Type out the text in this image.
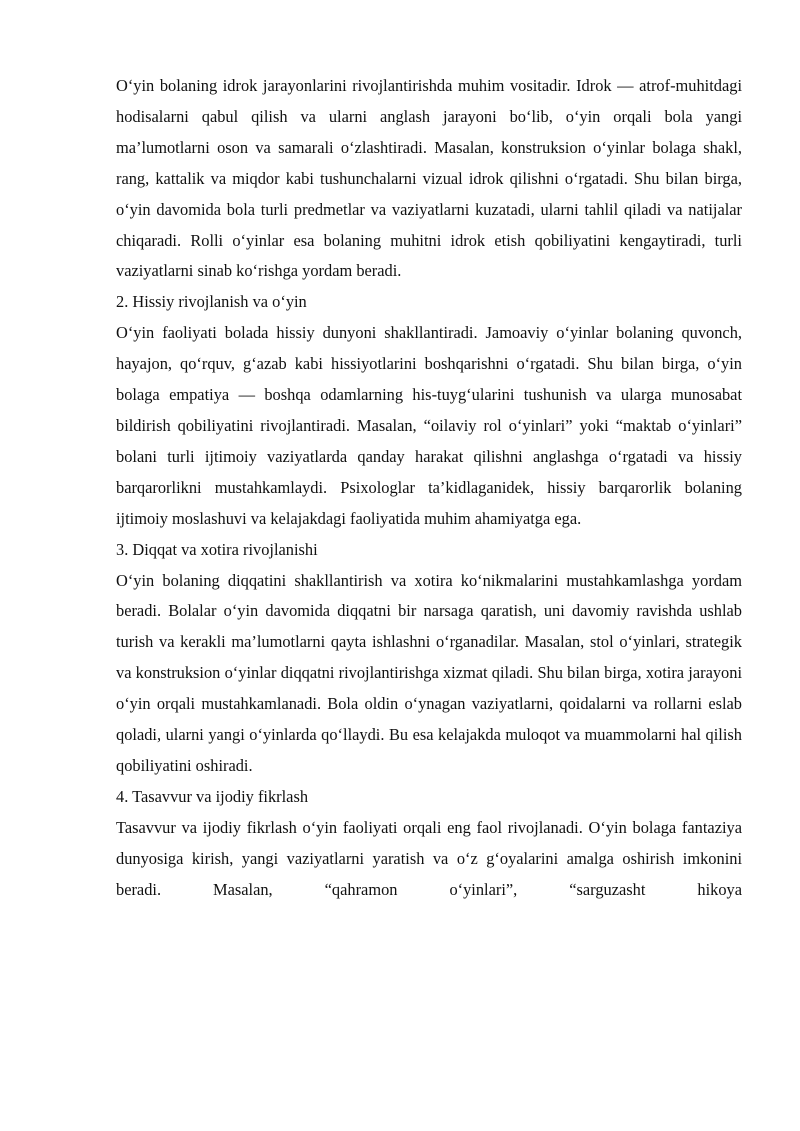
O‘yin bolaning idrok jarayonlarini rivojlantirishda muhim vositadir. Idrok — atrof-muhitdagi hodisalarni qabul qilish va ularni anglash jarayoni bo‘lib, o‘yin orqali bola yangi ma’lumotlarni oson va samarali o‘zlashtiradi. Masalan, konstruksion o‘yinlar bolaga shakl, rang, kattalik va miqdor kabi tushunchalarni vizual idrok qilishni o‘rgatadi. Shu bilan birga, o‘yin davomida bola turli predmetlar va vaziyatlarni kuzatadi, ularni tahlil qiladi va natijalar chiqaradi. Rolli o‘yinlar esa bolaning muhitni idrok etish qobiliyatini kengaytiradi, turli vaziyatlarni sinab ko‘rishga yordam beradi.

2. Hissiy rivojlanish va o‘yin

O‘yin faoliyati bolada hissiy dunyoni shakllantiradi. Jamoaviy o‘yinlar bolaning quvonch, hayajon, qo‘rquv, g‘azab kabi hissiyotlarini boshqarishni o‘rgatadi. Shu bilan birga, o‘yin bolaga empatiya — boshqa odamlarning his-tuyg‘ularini tushunish va ularga munosabat bildirish qobiliyatini rivojlantiradi. Masalan, “oilaviy rol o‘yinlari” yoki “maktab o‘yinlari” bolani turli ijtimoiy vaziyatlarda qanday harakat qilishni anglashga o‘rgatadi va hissiy barqarorlikni mustahkamlaydi. Psixologlar ta’kidlaganidek, hissiy barqarorlik bolaning ijtimoiy moslashuvi va kelajakdagi faoliyatida muhim ahamiyatga ega.

3. Diqqat va xotira rivojlanishi

O‘yin bolaning diqqatini shakllantirish va xotira ko‘nikmalarini mustahkamlashga yordam beradi. Bolalar o‘yin davomida diqqatni bir narsaga qaratish, uni davomiy ravishda ushlab turish va kerakli ma’lumotlarni qayta ishlashni o‘rganadilar. Masalan, stol o‘yinlari, strategik va konstruksion o‘yinlar diqqatni rivojlantirishga xizmat qiladi. Shu bilan birga, xotira jarayoni o‘yin orqali mustahkamlanadi. Bola oldin o‘ynagan vaziyatlarni, qoidalarni va rollarni eslab qoladi, ularni yangi o‘yinlarda qo‘llaydi. Bu esa kelajakda muloqot va muammolarni hal qilish qobiliyatini oshiradi.

4. Tasavvur va ijodiy fikrlash

Tasavvur va ijodiy fikrlash o‘yin faoliyati orqali eng faol rivojlanadi. O‘yin bolaga fantaziya dunyosiga kirish, yangi vaziyatlarni yaratish va o‘z g‘oyalarini amalga oshirish imkonini beradi. Masalan, “qahramon o‘yinlari”, “sarguzasht hikoya
